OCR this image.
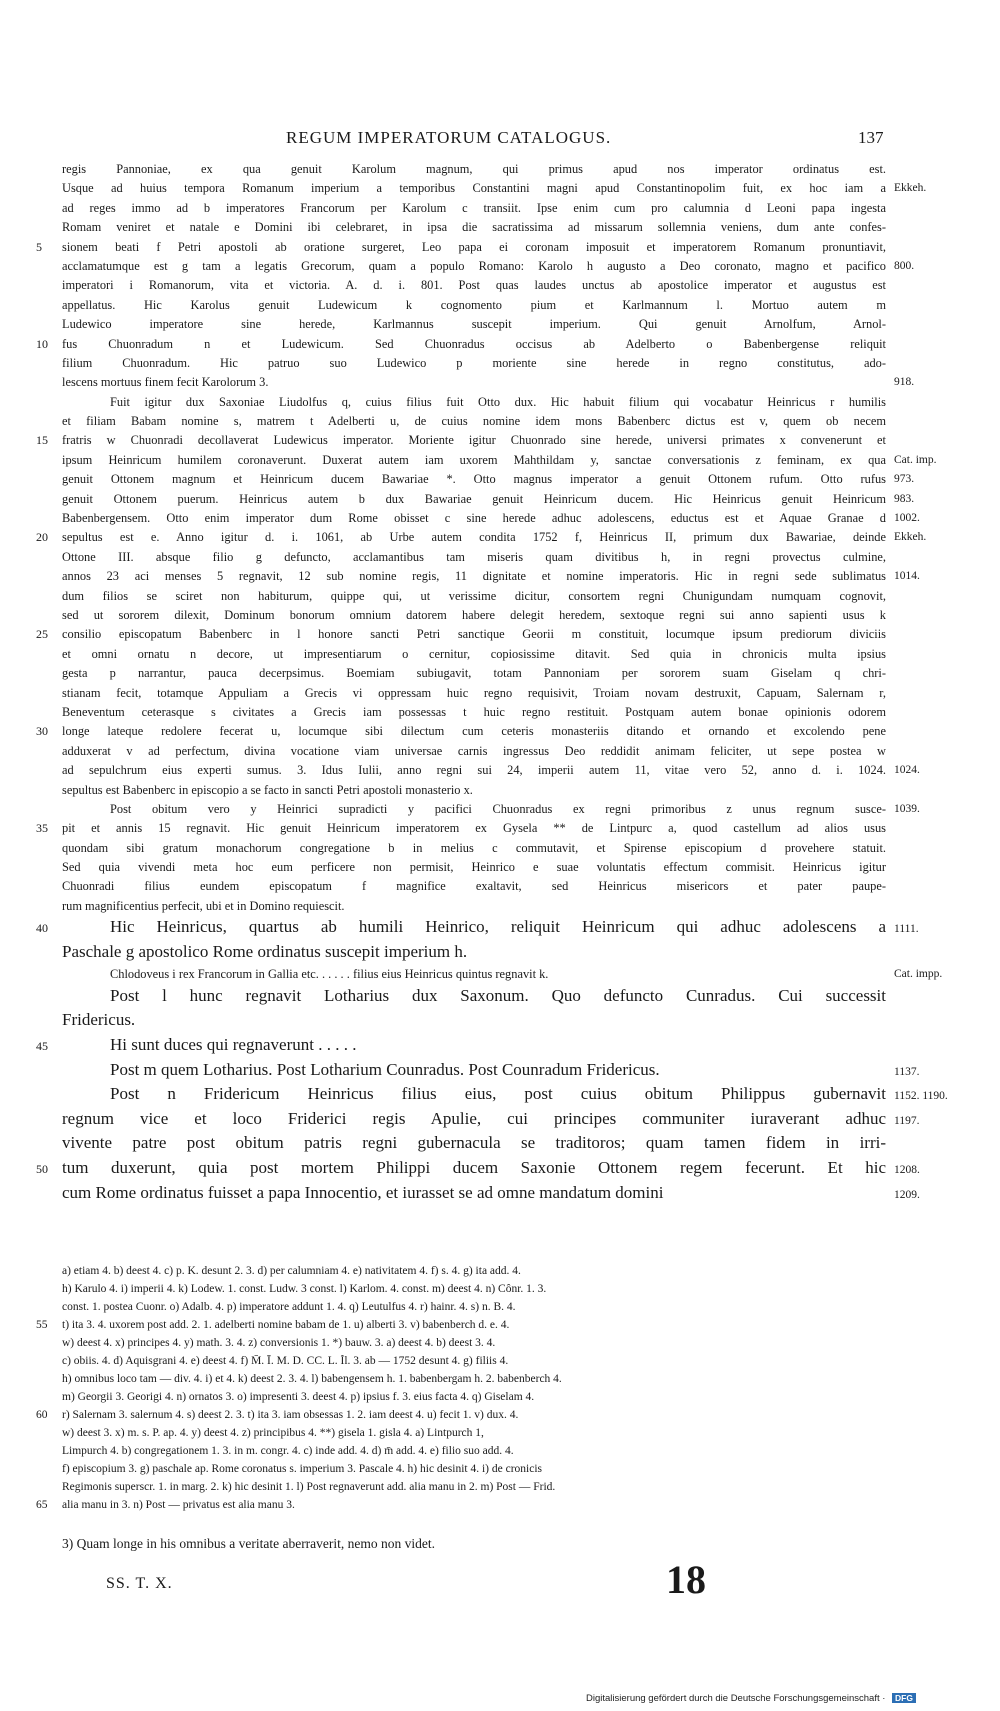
REGUM IMPERATORUM CATALOGUS.	137
regis Pannoniae, ex qua genuit Karolum magnum, qui primus apud nos imperator ordinatus est.
Usque ad huius tempora Romanum imperium a temporibus Constantini magni apud Constantinopolim fuit, ex hoc iam a Ekkeh.
ad reges immo ad b imperatores Francorum per Karolum c transiit. Ipse enim cum pro calumnia d Leoni papa ingesta
Romam veniret et natale e Domini ibi celebraret, in ipsa die sacratissima ad missarum sollemnia veniens, dum ante confes-
5	sionem beati f Petri apostoli ab oratione surgeret, Leo papa ei coronam imposuit et imperatorem Romanum pronuntiavit,
acclamatumque est g tam a legatis Grecorum, quam a populo Romano: Karolo h augusto a Deo coronato, magno et pacifico 800.
imperatori i Romanorum, vita et victoria. A. d. i. 801. Post quas laudes unctus ab apostolice imperator et augustus est
appellatus. Hic Karolus genuit Ludewicum k cognomento pium et Karlmannum l. Mortuo autem m
Ludewico imperatore sine herede, Karlmannus suscepit imperium. Qui genuit Arnolfum, Arnol-
10	fus Chuonradum n et Ludewicum. Sed Chuonradus occisus ab Adelberto o Babenbergense reliquit
filium Chuonradum. Hic patruo suo Ludewico p moriente sine herede in regno constitutus, ado-
lescens mortuus finem fecit Karolorum 3.	918.
Fuit igitur dux Saxoniae Liudolfus q, cuius filius fuit Otto dux. Hic habuit filium qui vocabatur Heinricus r humilis
et filiam Babam nomine s, matrem t Adelberti u, de cuius nomine idem mons Babenberc dictus est v, quem ob necem
15	fratris w Chuonradi decollaverat Ludewicus imperator. Moriente igitur Chuonrado sine herede, universi primates x convenerunt et
ipsum Heinricum humilem coronaverunt. Duxerat autem iam uxorem Mahthildam y, sanctae conversationis z feminam, ex qua Cat. imp.
genuit Ottonem magnum et Heinricum ducem Bawariae *. Otto magnus imperator a genuit Ottonem rufum. Otto rufus 973.
genuit Ottonem puerum. Heinricus autem b dux Bawariae genuit Heinricum ducem. Hic Heinricus genuit Heinricum 983.
Babenbergensem. Otto enim imperator dum Rome obisset c sine herede adhuc adolescens, eductus est et Aquae Granae d 1002.
20	sepultus est e. Anno igitur d. i. 1061, ab Urbe autem condita 1752 f, Heinricus II, primum dux Bawariae, deinde Ekkeh.
Ottone III. absque filio g defuncto, acclamantibus tam miseris quam divitibus h, in regni provectus culmine,
annos 23 aci menses 5 regnavit, 12 sub nomine regis, 11 dignitate et nomine imperatoris. Hic in regni sede sublimatus 1014.
dum filios se sciret non habiturum, quippe qui, ut verissime dicitur, consortem regni Chunigundam numquam cognovit,
sed ut sororem dilexit, Dominum bonorum omnium datorem habere delegit heredem, sextoque regni sui anno sapienti usus k
25	consilio episcopatum Babenberc in l honore sancti Petri sanctique Georii m constituit, locumque ipsum prediorum diviciis
et omni ornatu n decore, ut impresentiarum o cernitur, copiosissime ditavit. Sed quia in chronicis multa ipsius
gesta p narrantur, pauca decerpsimus. Boemiam subiugavit, totam Pannoniam per sororem suam Giselam q chri-
stianam fecit, totamque Appuliam a Grecis vi oppressam huic regno requisivit, Troiam novam destruxit, Capuam, Salernam r,
Beneventum ceterasque s civitates a Grecis iam possessas t huic regno restituit. Postquam autem bonae opinionis odorem
30	longe lateque redolere fecerat u, locumque sibi dilectum cum ceteris monasteriis ditando et ornando et excolendo pene
adduxerat v ad perfectum, divina vocatione viam universae carnis ingressus Deo reddidit animam feliciter, ut sepe postea w
ad sepulchrum eius experti sumus. 3. Idus Iulii, anno regni sui 24, imperii autem 11, vitae vero 52, anno d. i. 1024. 1024.
sepultus est Babenberc in episcopio a se facto in sancti Petri apostoli monasterio x.
Post obitum vero y Heinrici supradicti y pacifici Chuonradus ex regni primoribus z unus regnum susce- 1039.
35	pit et annis 15 regnavit. Hic genuit Heinricum imperatorem ex Gysela ** de Lintpurc a, quod castellum ad alios usus
quondam sibi gratum monachorum congregatione b in melius c commutavit, et Spirense episcopium d provehere statuit.
Sed quia vivendi meta hoc eum perficere non permisit, Heinrico e suae voluntatis effectum commisit. Heinricus igitur
Chuonradi filius eundem episcopatum f magnifice exaltavit, sed Heinricus misericors et pater paupe-
rum magnificentius perfecit, ubi et in Domino requiescit.
40	Hic Heinricus, quartus ab humili Heinrico, reliquit Heinricum qui adhuc adolescens a 1111.
Paschale g apostolico Rome ordinatus suscepit imperium h.
Chlodoveus i rex Francorum in Gallia etc. . . . . . filius eius Heinricus quintus regnavit k.	Cat. impp.
Post l hunc regnavit Lotharius dux Saxonum. Quo defuncto Cunradus. Cui successit
Fridericus.
45	Hi sunt duces qui regnaverunt . . . . .
Post m quem Lotharius. Post Lotharium Counradus. Post Counradum Fridericus.	1137.
Post n Fridericum Heinricus filius eius, post cuius obitum Philippus gubernavit 1152. 1190.
regnum vice et loco Friderici regis Apulie, cui principes communiter iuraverant adhuc 1197.
vivente patre post obitum patris regni gubernacula se traditoros; quam tamen fidem in irri-
50 tum duxerunt, quia post mortem Philippi ducem Saxonie Ottonem regem fecerunt. Et hic 1208.
cum Rome ordinatus fuisset a papa Innocentio, et iurasset se ad omne mandatum domini	1209.
a) etiam 4. b) deest 4. c) p. K. desunt 2. 3. d) per calumniam 4. e) nativitatem 4. f) s. 4. g) ita add. 4.
h) Karulo 4. i) imperii 4. k) Lodew. 1. const. Ludw. 3 const. l) Karlom. 4. const. m) deest 4. n) Cônr. 1. 3.
const. 1. postea Cuonr. o) Adalb. 4. p) imperatore addunt 1. 4. q) Leutulfus 4. r) hainr. 4. s) n. B. 4.
55	t) ita 3. 4. uxorem post add. 2. 1. adelberti nomine babam de 1. u) alberti 3. v) babenberch d. e. 4.
w) deest 4. x) principes 4. y) math. 3. 4. z) conversionis 1. *) bauw. 3. a) deest 4. b) deest 3. 4.
c) obiis. 4. d) Aquisgrani 4. e) deest 4. f) M̄. Ī. M. D. CC. L. Ĭl. 3. ab — 1752 desunt 4. g) filiis 4.
h) omnibus loco tam — div. 4. i) et 4. k) deest 2. 3. 4. l) babengensem h. 1. babenbergam h. 2. babenberch 4.
m) Georgii 3. Georigi 4. n) ornatos 3. o) impresenti 3. deest 4. p) ipsius f. 3. eius facta 4. q) Giselam 4.
60	r) Salernam 3. salernum 4. s) deest 2. 3. t) ita 3. iam obsessas 1. 2. iam deest 4. u) fecit 1. v) dux. 4.
w) deest 3. x) m. s. P. ap. 4. y) deest 4. z) principibus 4. **) gisela 1. gisla 4. a) Lintpurch 1,
Limpurch 4. b) congregationem 1. 3. in m. congr. 4. c) inde add. 4. d) m̄ add. 4. e) filio suo add. 4.
f) episcopium 3. g) paschale ap. Rome coronatus s. imperium 3. Pascale 4. h) hic desinit 4. i) de cronicis
Regimonis superscr. 1. in marg. 2. k) hic desinit 1. l) Post regnaverunt add. alia manu in 2. m) Post — Frid.
65	alia manu in 3. n) Post — privatus est alia manu 3.
3) Quam longe in his omnibus a veritate aberraverit, nemo non videt.
SS. T. X.	18
Digitalisierung gefördert durch die Deutsche Forschungsgemeinschaft · DFG
